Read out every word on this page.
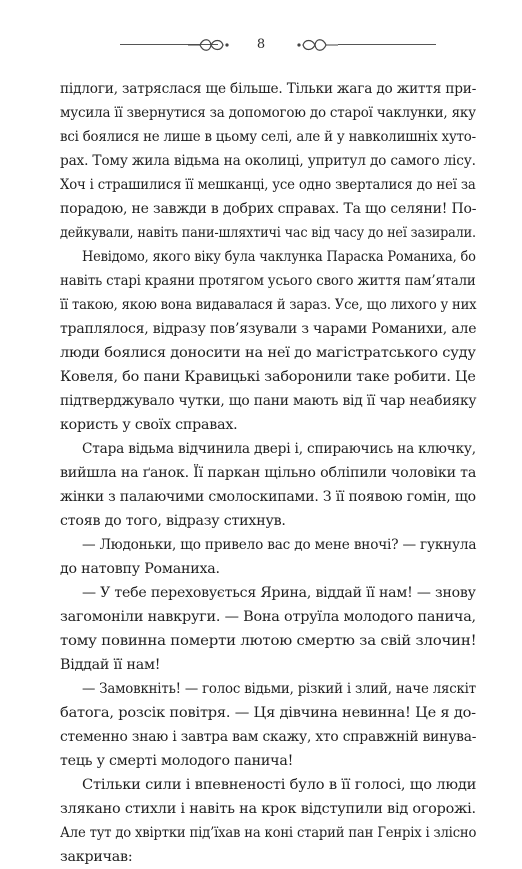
8
підлоги, затряслася ще більше. Тільки жага до життя при-
мусила її звернутися за допомогою до старої чаклунки, яку
всі боялися не лише в цьому селі, але й у навколишніх хуто-
рах. Тому жила відьма на околиці, упритул до самого лісу.
Хоч і страшилися її мешканці, усе одно зверталися до неї за
порадою, не завжди в добрих справах. Та що селяни! По-
дейкували, навіть пани-шляхтичі час від часу до неї зазирали.
Невідомо, якого віку була чаклунка Параска Романиха, бо
навіть старі краяни протягом усього свого життя пам’ятали
її такою, якою вона видавалася й зараз. Усе, що лихого у них
траплялося, відразу пов’язували з чарами Романихи, але
люди боялися доносити на неї до магістратського суду
Ковеля, бо пани Кравицькі заборонили таке робити. Це
підтверджувало чутки, що пани мають від її чар неабияку
користь у своїх справах.
Стара відьма відчинила двері і, спираючись на ключку,
вийшла на ґанок. Її паркан щільно обліпили чоловіки та
жінки з палаючими смолоскипами. З її появою гомін, що
стояв до того, відразу стихнув.
— Людоньки, що привело вас до мене вночі? — гукнула
до натовпу Романиха.
— У тебе переховується Ярина, віддай її нам! — знову
загомоніли навкруги. — Вона отруїла молодого панича,
тому повинна померти лютою смертю за свій злочин!
Віддай її нам!
— Замовкніть! — голос відьми, різкий і злий, наче ляскіт
батога, розсік повітря. — Ця дівчина невинна! Це я до-
стеменно знаю і завтра вам скажу, хто справжній винува-
тець у смерті молодого панича!
Стільки сили і впевненості було в її голосі, що люди
злякано стихли і навіть на крок відступили від огорожі.
Але тут до хвіртки під’їхав на коні старий пан Генріх і злісно
закричав:
